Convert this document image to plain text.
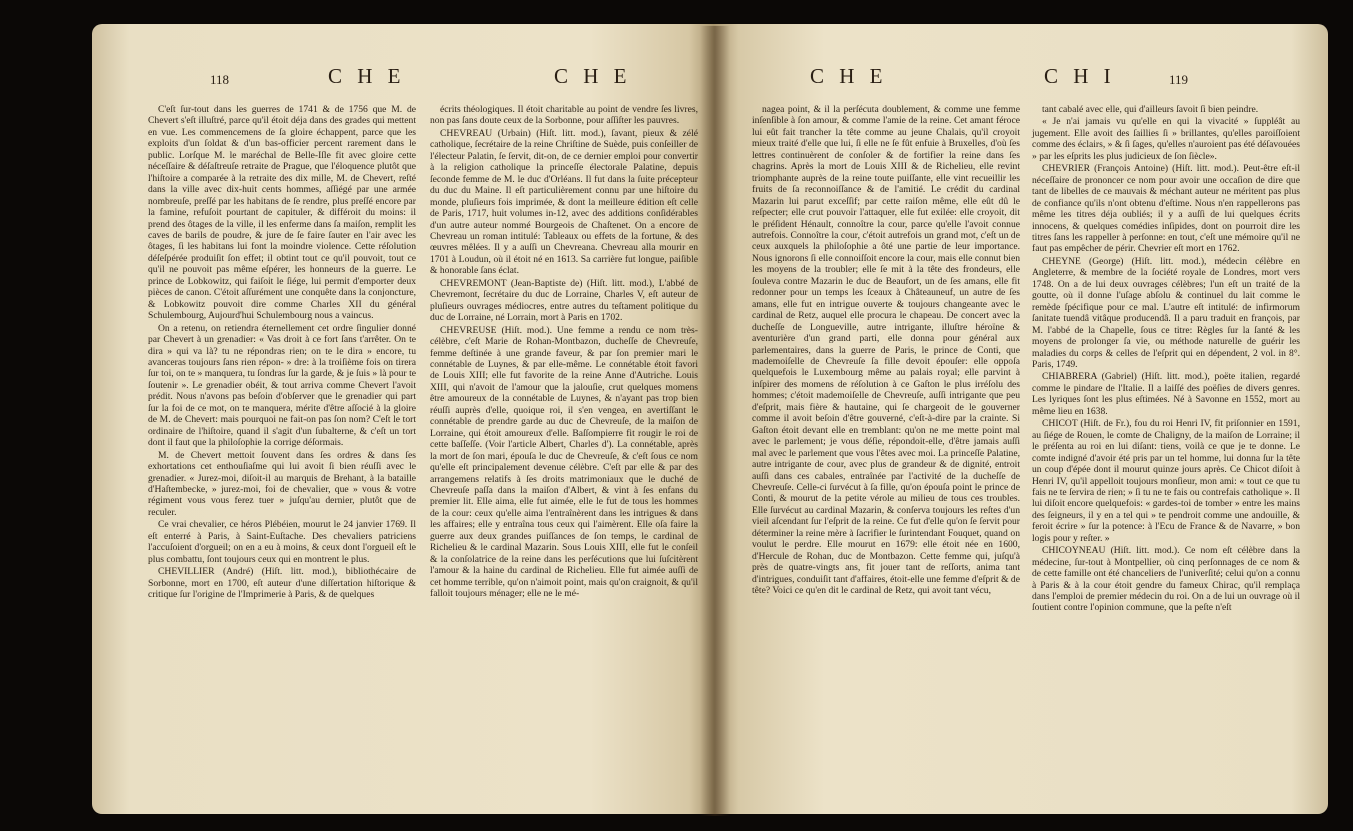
118	C H E	C H E

C'eſt ſur-tout dans les guerres de 1741 & de 1756 que M. de Chevert s'eſt illuſtré, parce qu'il étoit déja dans des grades qui mettent en vue. Les commencemens de ſa gloire échappent, parce que les exploits d'un ſoldat & d'un bas-officier percent rarement dans le public. Lorſque M. le maréchal de Belle-Iſle fit avec gloire cette néceſſaire & déſaſtreuſe retraite de Prague, que l'éloquence plutôt que l'hiſtoire a comparée à la retraite des dix mille, M. de Chevert, reſté dans la ville avec dix-huit cents hommes, aſſiégé par une armée nombreuſe, preſſé par les habitans de ſe rendre, plus preſſé encore par la famine, refuſoit pourtant de capituler, & différoit du moins: il prend des ôtages de la ville, il les enferme dans ſa maiſon, remplit les caves de barils de poudre, & jure de ſe faire ſauter en l'air avec les ôtages, ſi les habitans lui font la moindre violence. Cette réſolution déſeſpérée produiſit ſon effet; il obtint tout ce qu'il pouvoit, tout ce qu'il ne pouvoit pas même eſpérer, les honneurs de la guerre. Le prince de Lobkowitz, qui faiſoit le ſiége, lui permit d'emporter deux pièces de canon. C'étoit aſſurément une conquête dans la conjoncture, & Lobkowitz pouvoit dire comme Charles XII du général Schulembourg, Aujourd'hui Schulembourg nous a vaincus.

On a retenu, on retiendra éternellement cet ordre ſingulier donné par Chevert à un grenadier: « Vas droit à ce fort ſans t'arrêter. On te dira » qui va là? tu ne répondras rien; on te le dira » encore, tu avanceras toujours ſans rien répon- » dre: à la troiſième fois on tirera ſur toi, on te » manquera, tu ſondras ſur la garde, & je ſuis » là pour te ſoutenir ». Le grenadier obéit, & tout arriva comme Chevert l'avoit prédit. Nous n'avons pas beſoin d'obſerver que le grenadier qui part ſur la foi de ce mot, on te manquera, mérite d'être aſſocié à la gloire de M. de Chevert: mais pourquoi ne fait-on pas ſon nom? C'eſt le tort ordinaire de l'hiſtoire, quand il s'agit d'un ſubalterne, & c'eſt un tort dont il faut que la philoſophie la corrige déſormais.

M. de Chevert mettoit ſouvent dans ſes ordres & dans ſes exhortations cet enthouſiaſme qui lui avoit ſi bien réuſſi avec le grenadier. « Jurez-moi, diſoit-il au marquis de Brehant, à la bataille d'Haſtembecke, » jurez-moi, foi de chevalier, que » vous & votre régiment vous vous ferez tuer » juſqu'au dernier, plutôt que de reculer.

Ce vrai chevalier, ce héros Plébéien, mourut le 24 janvier 1769. Il eſt enterré à Paris, à Saint-Euſtache. Des chevaliers patriciens l'accuſoient d'orgueil; on en a eu à moins, & ceux dont l'orgueil eſt le plus combattu, ſont toujours ceux qui en montrent le plus.

CHEVILLIER (André) (Hiſt. litt. mod.), bibliothécaire de Sorbonne, mort en 1700, eſt auteur d'une diſſertation hiſtorique & critique ſur l'origine de l'Imprimerie à Paris, & de quelques

écrits théologiques. Il étoit charitable au point de vendre ſes livres, non pas ſans doute ceux de la Sorbonne, pour aſſiſter les pauvres.

CHEVREAU (Urbain) (Hiſt. litt. mod.), ſavant, pieux & zélé catholique, ſecrétaire de la reine Chriſtine de Suède, puis conſeiller de l'électeur Palatin, ſe ſervit, dit-on, de ce dernier emploi pour convertir à la religion catholique la princeſſe électorale Palatine, depuis ſeconde femme de M. le duc d'Orléans. Il fut dans la ſuite précepteur du duc du Maine. Il eſt particulièrement connu par une hiſtoire du monde, pluſieurs fois imprimée, & dont la meilleure édition eſt celle de Paris, 1717, huit volumes in-12, avec des additions conſidérables d'un autre auteur nommé Bourgeois de Chaſtenet. On a encore de Chevreau un roman intitulé: Tableaux ou effets de la fortune, & des œuvres mêlées. Il y a auſſi un Chevreana. Chevreau alla mourir en 1701 à Loudun, où il étoit né en 1613. Sa carrière fut longue, paiſible & honorable ſans éclat.

CHEVREMONT (Jean-Baptiste de) (Hiſt. litt. mod.), L'abbé de Chevremont, ſecrétaire du duc de Lorraine, Charles V, eſt auteur de pluſieurs ouvrages médiocres, entre autres du teſtament politique du duc de Lorraine, né Lorrain, mort à Paris en 1702.

CHEVREUSE (Hiſt. mod.). Une femme a rendu ce nom très-célèbre, c'eſt Marie de Rohan-Montbazon, ducheſſe de Chevreuſe, femme deſtinée à une grande faveur, & par ſon premier mari le connétable de Luynes, & par elle-même. Le connétable étoit favori de Louis XIII; elle fut favorite de la reine Anne d'Autriche. Louis XIII, qui n'avoit de l'amour que la jalouſie, crut quelques momens être amoureux de la connétable de Luynes, & n'ayant pas trop bien réuſſi auprès d'elle, quoique roi, il s'en vengea, en avertiſſant le connétable de prendre garde au duc de Chevreuſe, de la maiſon de Lorraine, qui étoit amoureux d'elle. Baſſompierre fit rougir le roi de cette baſſeſſe. (Voir l'article Albert, Charles d'). La connétable, après la mort de ſon mari, épouſa le duc de Chevreuſe, & c'eſt ſous ce nom qu'elle eſt principalement devenue célèbre. C'eſt par elle & par des arrangemens relatifs à ſes droits matrimoniaux que le duché de Chevreuſe paſſa dans la maiſon d'Albert, & vint à ſes enfans du premier lit. Elle aima, elle fut aimée, elle le fut de tous les hommes de la cour: ceux qu'elle aima l'entraînèrent dans les intrigues & dans les affaires; elle y entraîna tous ceux qui l'aimèrent. Elle oſa faire la guerre aux deux grandes puiſſances de ſon temps, le cardinal de Richelieu & le cardinal Mazarin. Sous Louis XIII, elle fut le conſeil & la conſolatrice de la reine dans les perſécutions que lui ſuſcitèrent l'amour & la haine du cardinal de Richelieu. Elle fut aimée auſſi de cet homme terrible, qu'on n'aimoit point, mais qu'on craignoit, & qu'il falloit toujours ménager; elle ne le mé-

C H E	C H I	119

nagea point, & il la perſécuta doublement, & comme une femme inſenſible à ſon amour, & comme l'amie de la reine. Cet amant féroce lui eût fait trancher la tête comme au jeune Chalais, qu'il croyoit mieux traité d'elle que lui, ſi elle ne ſe fût enfuie à Bruxelles, d'où ſes lettres continuèrent de conſoler & de fortifier la reine dans ſes chagrins. Après la mort de Louis XIII & de Richelieu, elle revint triomphante auprès de la reine toute puiſſante, elle vint recueillir les fruits de ſa reconnoiſſance & de l'amitié. Le crédit du cardinal Mazarin lui parut exceſſif; par cette raiſon même, elle eût dû le reſpecter; elle crut pouvoir l'attaquer, elle fut exilée: elle croyoit, dit le préſident Hénault, connoître la cour, parce qu'elle l'avoit connue autrefois. Connoître la cour, c'étoit autrefois un grand mot, c'eſt un de ceux auxquels la philoſophie a ôté une partie de leur importance. Nous ignorons ſi elle connoiſſoit encore la cour, mais elle connut bien les moyens de la troubler; elle ſe mit à la tête des frondeurs, elle ſouleva contre Mazarin le duc de Beaufort, un de ſes amans, elle fit redonner pour un temps les ſceaux à Châteauneuf, un autre de ſes amans, elle fut en intrigue ouverte & toujours changeante avec le cardinal de Retz, auquel elle procura le chapeau. De concert avec la ducheſſe de Longueville, autre intrigante, illuſtre héroïne & aventurière d'un grand parti, elle donna pour général aux parlementaires, dans la guerre de Paris, le prince de Conti, que mademoiſelle de Chevreuſe ſa fille devoit épouſer: elle oppoſa quelquefois le Luxembourg même au palais royal; elle parvint à inſpirer des momens de réſolution à ce Gaſton le plus irréſolu des hommes; c'étoit mademoiſelle de Chevreuſe, auſſi intrigante que peu d'eſprit, mais fière & hautaine, qui ſe chargeoit de le gouverner comme il avoit beſoin d'être gouverné, c'eſt-à-dire par la crainte. Si Gaſton étoit devant elle en tremblant: qu'on ne me mette point mal avec le parlement; je vous déſie, répondoit-elle, d'être jamais auſſi mal avec le parlement que vous l'êtes avec moi. La princeſſe Palatine, autre intrigante de cour, avec plus de grandeur & de dignité, entroit auſſi dans ces cabales, entraînée par l'activité de la ducheſſe de Chevreuſe. Celle-ci ſurvécut à ſa fille, qu'on épouſa point le prince de Conti, & mourut de la petite vérole au milieu de tous ces troubles. Elle ſurvécut au cardinal Mazarin, & conſerva toujours les reſtes d'un vieil aſcendant ſur l'eſprit de la reine. Ce fut d'elle qu'on ſe ſervit pour déterminer la reine mère à ſacrifier le ſurintendant Fouquet, quand on voulut le perdre. Elle mourut en 1679: elle étoit née en 1600, d'Hercule de Rohan, duc de Montbazon. Cette femme qui, juſqu'à près de quatre-vingts ans, fit jouer tant de reſſorts, anima tant d'intrigues, conduiſit tant d'affaires, étoit-elle une femme d'eſprit & de tête? Voici ce qu'en dit le cardinal de Retz, qui avoit tant vécu,

tant cabalé avec elle, qui d'ailleurs ſavoit ſi bien peindre.

« Je n'ai jamais vu qu'elle en qui la vivacité » ſuppléât au jugement. Elle avoit des ſaillies ſi » brillantes, qu'elles paroiſſoient comme des éclairs, » & ſi ſages, qu'elles n'auroient pas été déſavouées » par les eſprits les plus judicieux de ſon ſiècle».

CHEVRIER (François Antoine) (Hiſt. litt. mod.). Peut-être eſt-il néceſſaire de prononcer ce nom pour avoir une occaſion de dire que tant de libelles de ce mauvais & méchant auteur ne méritent pas plus de confiance qu'ils n'ont obtenu d'eſtime. Nous n'en rappellerons pas même les titres déja oubliés; il y a auſſi de lui quelques écrits innocens, & quelques comédies inſipides, dont on pourroit dire les titres ſans les rappeller à perſonne: en tout, c'eſt une mémoire qu'il ne faut pas empêcher de périr. Chevrier eſt mort en 1762.

CHEYNE (George) (Hiſt. litt. mod.), médecin célèbre en Angleterre, & membre de la ſociété royale de Londres, mort vers 1748. On a de lui deux ouvrages célèbres; l'un eſt un traité de la goutte, où il donne l'uſage abſolu & continuel du lait comme le remède ſpécifique pour ce mal. L'autre eſt intitulé: de infirmorum ſanitate tuendâ vitâque producendâ. Il a paru traduit en françois, par M. l'abbé de la Chapelle, ſous ce titre: Règles ſur la ſanté & les moyens de prolonger ſa vie, ou méthode naturelle de guérir les maladies du corps & celles de l'eſprit qui en dépendent, 2 vol. in 8°. Paris, 1749.

CHIABRERA (Gabriel) (Hiſt. litt. mod.), poëte italien, regardé comme le pindare de l'Italie. Il a laiſſé des poëſies de divers genres. Les lyriques ſont les plus eſtimées. Né à Savonne en 1552, mort au même lieu en 1638.

CHICOT (Hiſt. de Fr.), fou du roi Henri IV, fit priſonnier en 1591, au ſiége de Rouen, le comte de Chaligny, de la maiſon de Lorraine; il le préſenta au roi en lui diſant: tiens, voilà ce que je te donne. Le comte indigné d'avoir été pris par un tel homme, lui donna ſur la tête un coup d'épée dont il mourut quinze jours après. Ce Chicot diſoit à Henri IV, qu'il appelloit toujours monſieur, mon ami: « tout ce que tu fais ne te ſervira de rien; » ſi tu ne te fais ou contrefais catholique ». Il lui diſoit encore quelquefois: « gardes-toi de tomber » entre les mains des ſeigneurs, il y en a tel qui » te pendroit comme une andouille, & feroit écrire » ſur la potence: à l'Ecu de France & de Navarre, » bon logis pour y reſter. »

CHICOYNEAU (Hiſt. litt. mod.). Ce nom eſt célèbre dans la médecine, ſur-tout à Montpellier, où cinq perſonnages de ce nom & de cette famille ont été chanceliers de l'univerſité; celui qu'on a connu à Paris & à la cour étoit gendre du fameux Chirac, qu'il remplaça dans l'emploi de premier médecin du roi. On a de lui un ouvrage où il ſoutient contre l'opinion commune, que la peſte n'eſt
